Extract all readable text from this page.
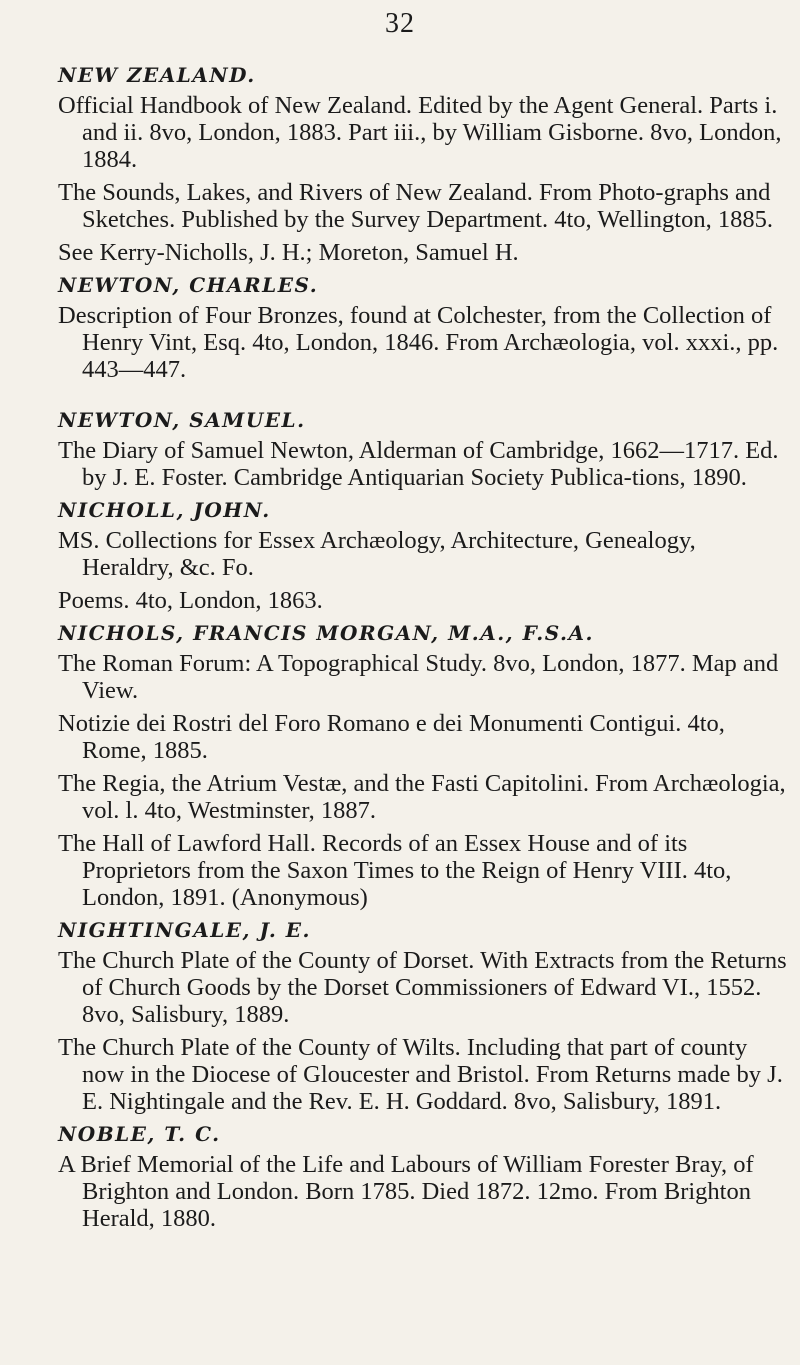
32
NEW ZEALAND.

Official Handbook of New Zealand. Edited by the Agent General. Parts i. and ii. 8vo, London, 1883. Part iii., by William Gisborne. 8vo, London, 1884.

The Sounds, Lakes, and Rivers of New Zealand. From Photo-graphs and Sketches. Published by the Survey Department. 4to, Wellington, 1885.

See Kerry-Nicholls, J. H.; Moreton, Samuel H.

NEWTON, CHARLES.

Description of Four Bronzes, found at Colchester, from the Collection of Henry Vint, Esq. 4to, London, 1846. From Archæologia, vol. xxxi., pp. 443—447.

NEWTON, SAMUEL.

The Diary of Samuel Newton, Alderman of Cambridge, 1662—1717. Ed. by J. E. Foster. Cambridge Antiquarian Society Publica-tions, 1890.

NICHOLL, JOHN.

MS. Collections for Essex Archæology, Architecture, Genealogy, Heraldry, &c. Fo.

Poems. 4to, London, 1863.

NICHOLS, FRANCIS MORGAN, M.A., F.S.A.

The Roman Forum: A Topographical Study. 8vo, London, 1877. Map and View.

Notizie dei Rostri del Foro Romano e dei Monumenti Contigui. 4to, Rome, 1885.

The Regia, the Atrium Vestæ, and the Fasti Capitolini. From Archæologia, vol. l. 4to, Westminster, 1887.

The Hall of Lawford Hall. Records of an Essex House and of its Proprietors from the Saxon Times to the Reign of Henry VIII. 4to, London, 1891. (Anonymous)

NIGHTINGALE, J. E.

The Church Plate of the County of Dorset. With Extracts from the Returns of Church Goods by the Dorset Commissioners of Edward VI., 1552. 8vo, Salisbury, 1889.

The Church Plate of the County of Wilts. Including that part of county now in the Diocese of Gloucester and Bristol. From Returns made by J. E. Nightingale and the Rev. E. H. Goddard. 8vo, Salisbury, 1891.

NOBLE, T. C.

A Brief Memorial of the Life and Labours of William Forester Bray, of Brighton and London. Born 1785. Died 1872. 12mo. From Brighton Herald, 1880.
